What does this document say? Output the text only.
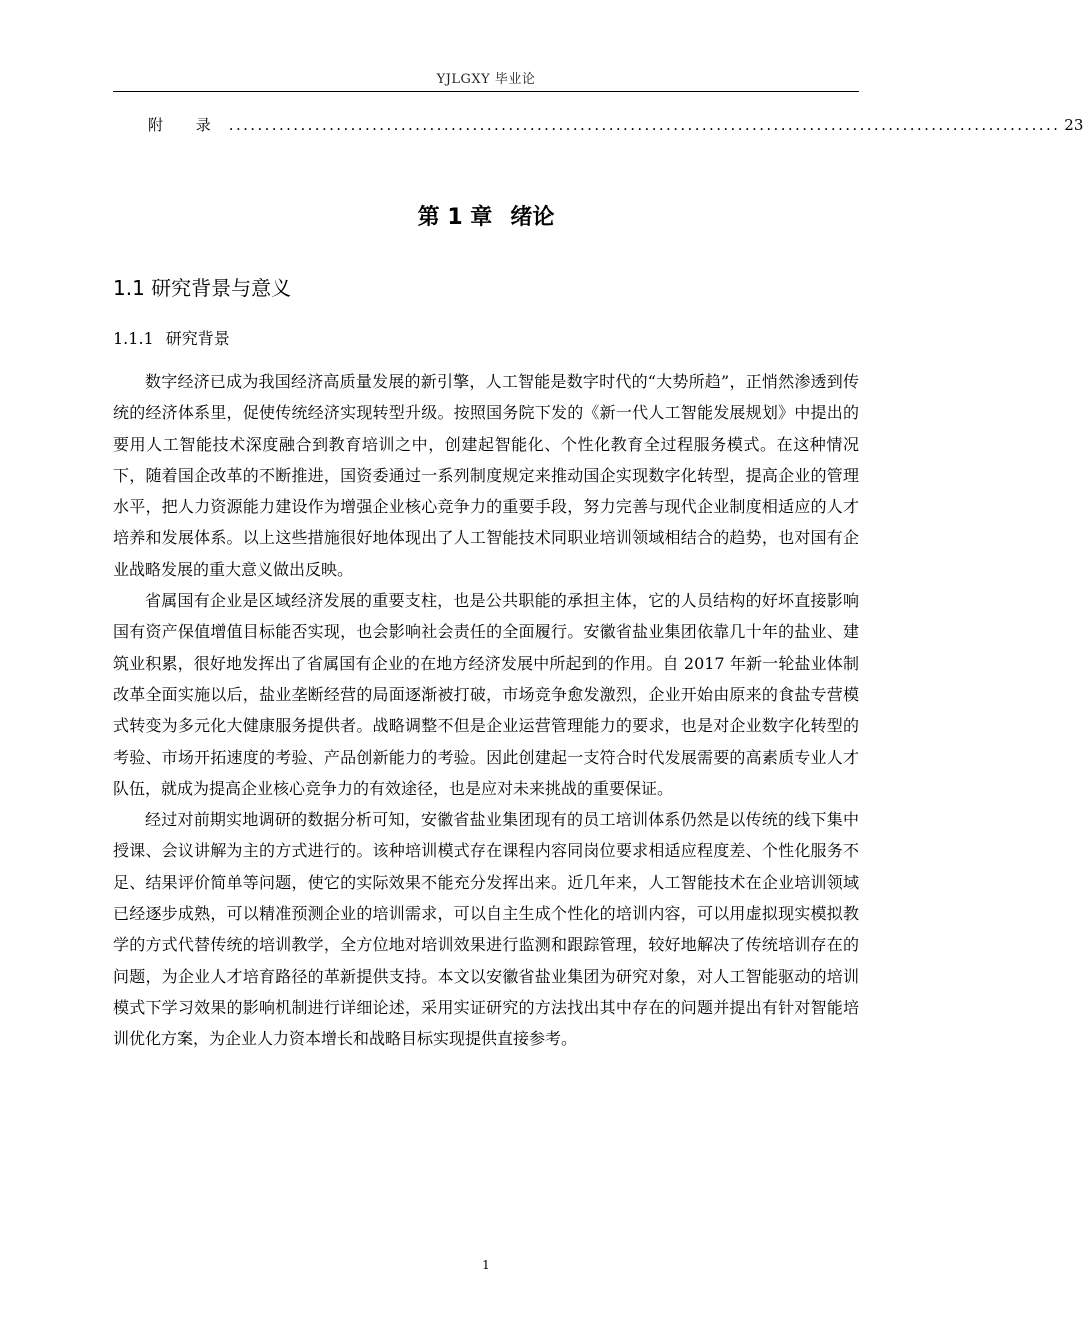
YJLGXY 毕业论
附 录 .................................................................................................................... 23
第 1 章 绪论
1.1 研究背景与意义
1.1.1 研究背景

数字经济已成为我国经济高质量发展的新引擎，人工智能是数字时代的“大势所趋”，正悄然渗透到传统的经济体系里，促使传统经济实现转型升级。按照国务院下发的《新一代人工智能发展规划》中提出的要用人工智能技术深度融合到教育培训之中，创建起智能化、个性化教育全过程服务模式。在这种情况下，随着国企改革的不断推进，国资委通过一系列制度规定来推动国企实现数字化转型，提高企业的管理水平，把人力资源能力建设作为增强企业核心竞争力的重要手段，努力完善与现代企业制度相适应的人才培养和发展体系。以上这些措施很好地体现出了人工智能技术同职业培训领域相结合的趋势，也对国有企业战略发展的重大意义做出反映。

省属国有企业是区域经济发展的重要支柱，也是公共职能的承担主体，它的人员结构的好坏直接影响国有资产保值增值目标能否实现，也会影响社会责任的全面履行。安徽省盐业集团依靠几十年的盐业、建筑业积累，很好地发挥出了省属国有企业的在地方经济发展中所起到的作用。自 2017 年新一轮盐业体制改革全面实施以后，盐业垄断经营的局面逐渐被打破，市场竞争愈发激烈，企业开始由原来的食盐专营模式转变为多元化大健康服务提供者。战略调整不但是企业运营管理能力的要求，也是对企业数字化转型的考验、市场开拓速度的考验、产品创新能力的考验。因此创建起一支符合时代发展需要的高素质专业人才队伍，就成为提高企业核心竞争力的有效途径，也是应对未来挑战的重要保证。

经过对前期实地调研的数据分析可知，安徽省盐业集团现有的员工培训体系仍然是以传统的线下集中授课、会议讲解为主的方式进行的。该种培训模式存在课程内容同岗位要求相适应程度差、个性化服务不足、结果评价简单等问题，使它的实际效果不能充分发挥出来。近几年来，人工智能技术在企业培训领域已经逐步成熟，可以精准预测企业的培训需求，可以自主生成个性化的培训内容，可以用虚拟现实模拟教学的方式代替传统的培训教学，全方位地对培训效果进行监测和跟踪管理，较好地解决了传统培训存在的问题，为企业人才培育路径的革新提供支持。本文以安徽省盐业集团为研究对象，对人工智能驱动的培训模式下学习效果的影响机制进行详细论述，采用实证研究的方法找出其中存在的问题并提出有针对智能培训优化方案，为企业人力资本增长和战略目标实现提供直接参考。

1
